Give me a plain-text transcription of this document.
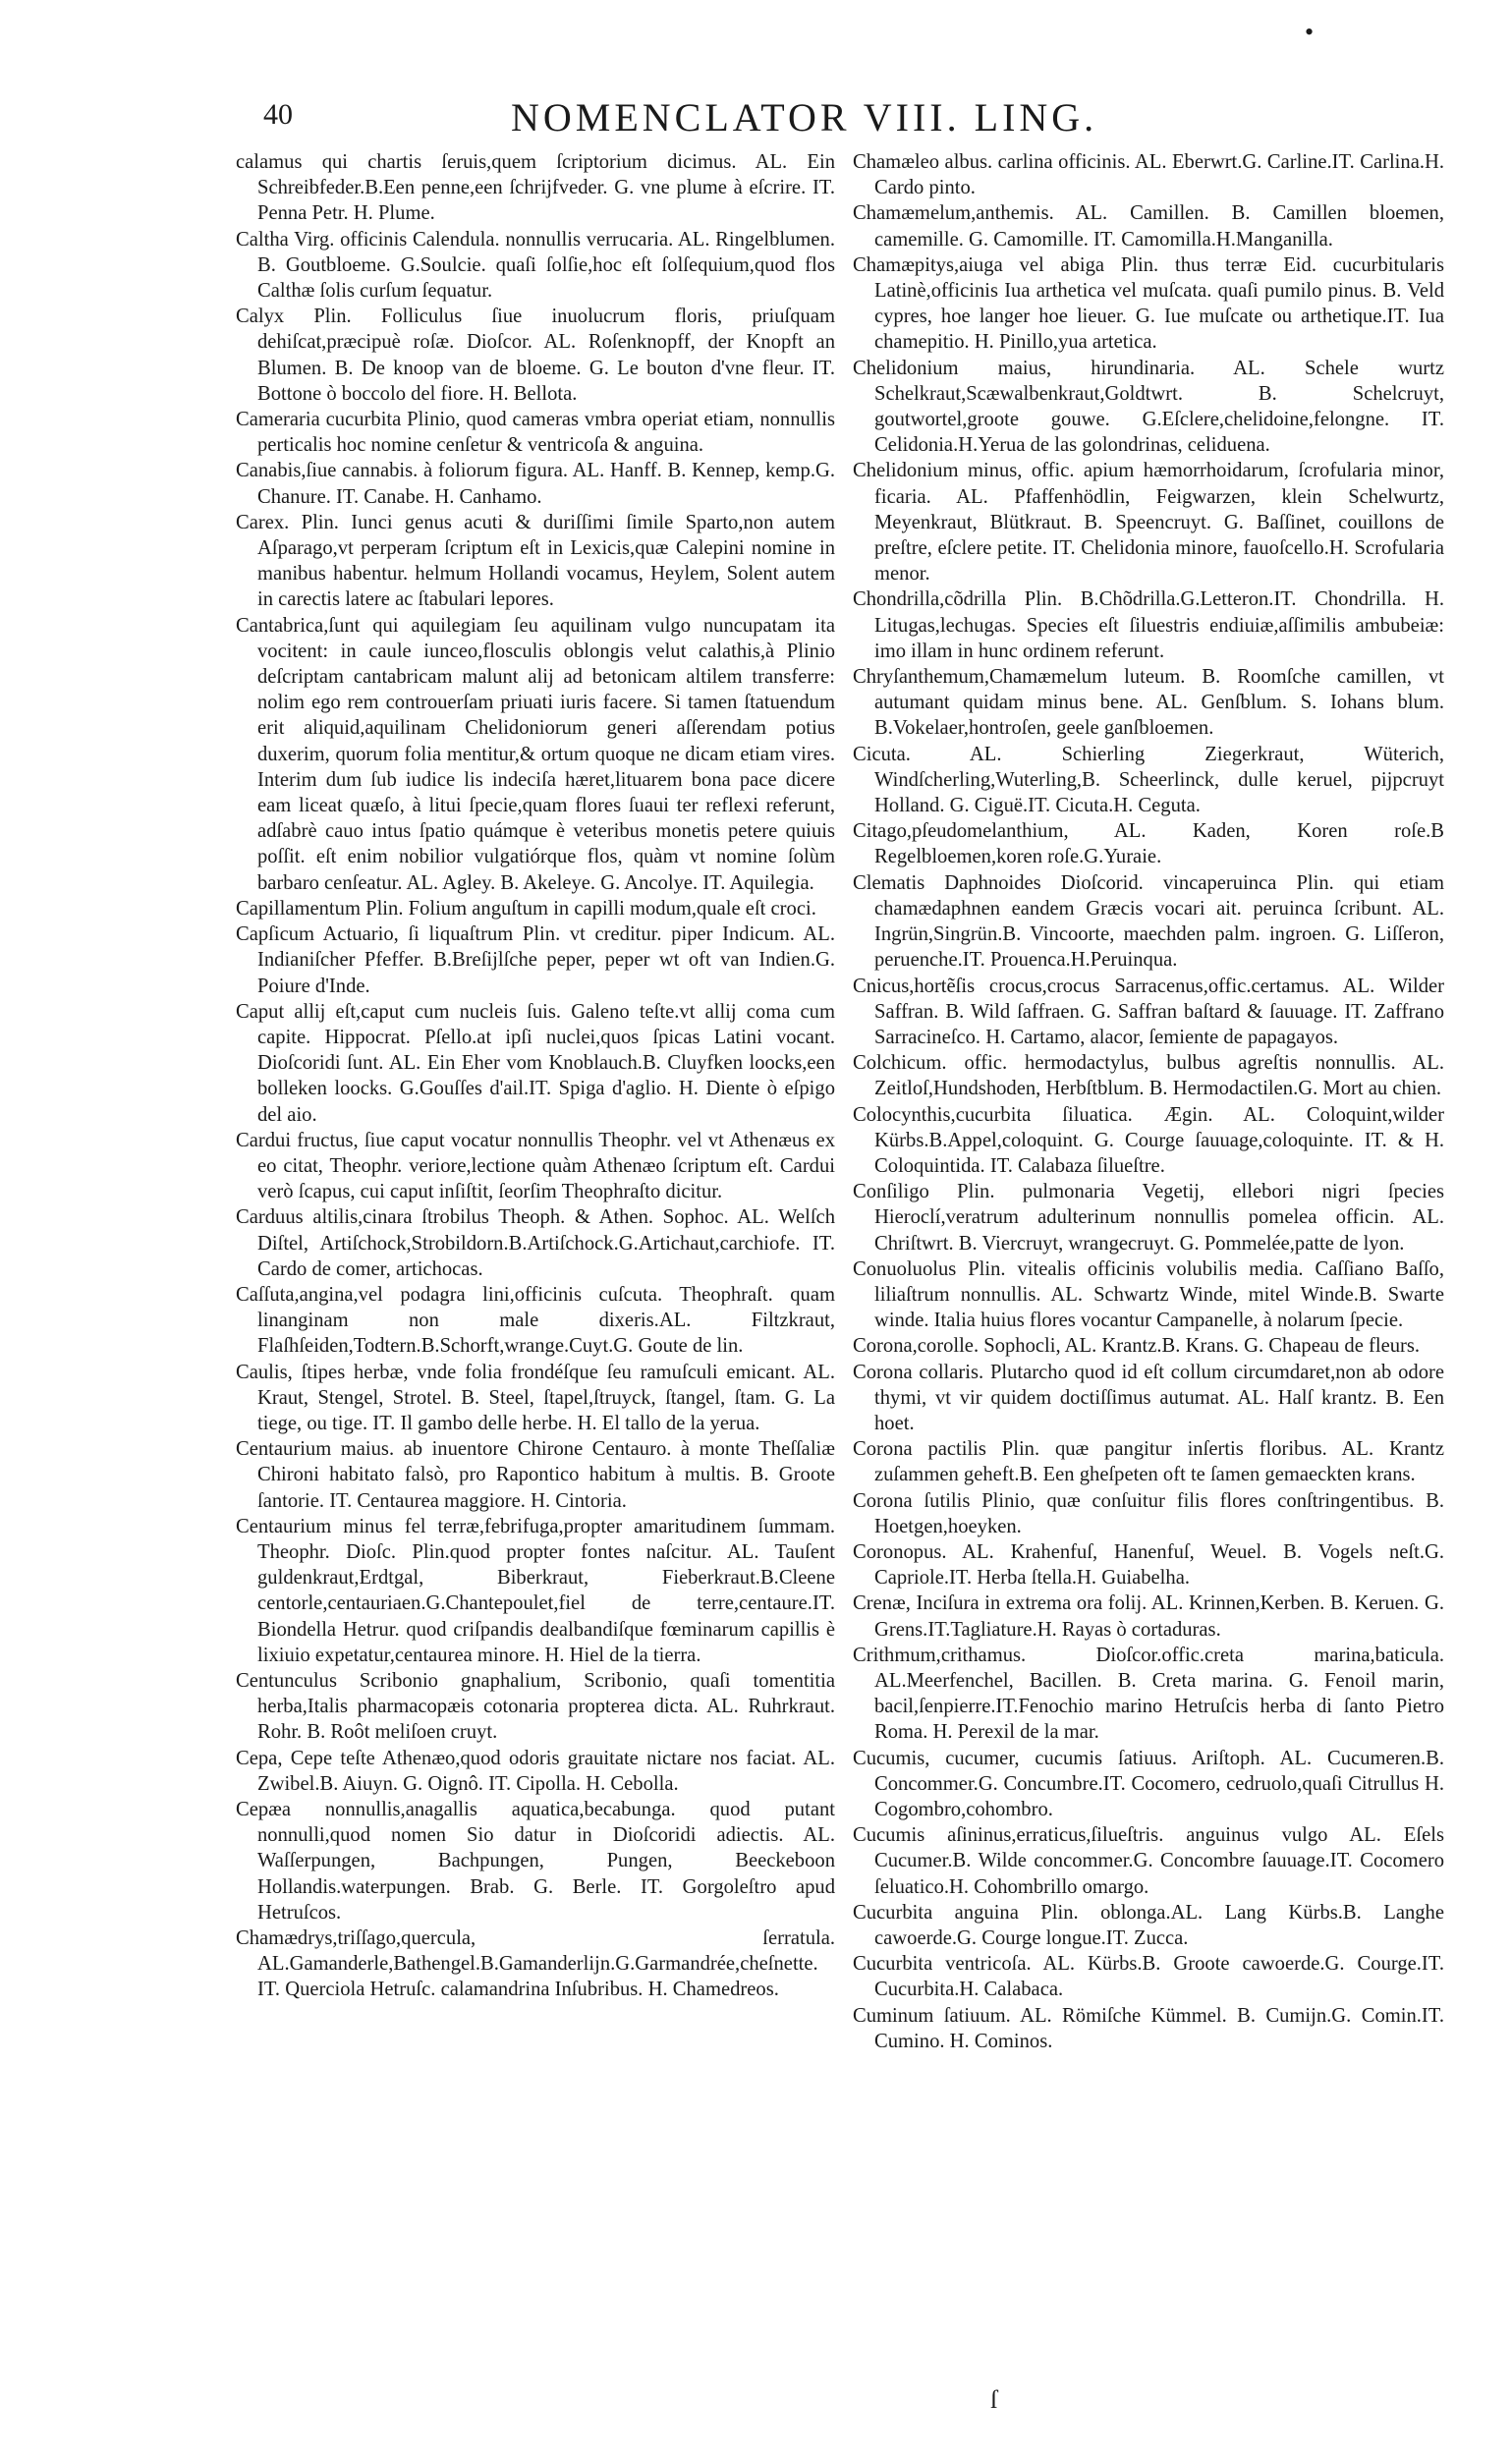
•
40	NOMENCLATOR VIII. LING.

calamus qui chartis ſeruis,quem ſcriptorium dicimus. AL. Ein Schreibfeder.B.Een penne,een ſchrijfveder. G. vne plume à eſcrire. IT. Penna Petr. H. Plume.

Caltha Virg. officinis Calendula. nonnullis verrucaria. AL. Ringelblumen. B. Goutbloeme. G.Soulcie. quaſi ſolſie,hoc eſt ſolſequium,quod flos Calthæ ſolis curſum ſequatur.

Calyx Plin. Folliculus ſiue inuolucrum floris, priuſquam dehiſcat,præcipuè roſæ. Dioſcor. AL. Roſenknopff, der Knopft an Blumen. B. De knoop van de bloeme. G. Le bouton d'vne fleur. IT. Bottone ò boccolo del fiore. H. Bellota.

Cameraria cucurbita Plinio, quod cameras vmbra operiat etiam, nonnullis perticalis hoc nomine cenſetur & ventricoſa & anguina.

Canabis,ſiue cannabis. à foliorum figura. AL. Hanff. B. Kennep, kemp.G. Chanure. IT. Canabe. H. Canhamo.

Carex. Plin. Iunci genus acuti & duriſſimi ſimile Sparto,non autem Aſparago,vt perperam ſcriptum eſt in Lexicis,quæ Calepini nomine in manibus habentur. helmum Hollandi vocamus, Heylem, Solent autem in carectis latere ac ſtabulari lepores.

Cantabrica,ſunt qui aquilegiam ſeu aquilinam vulgo nuncupatam ita vocitent: in caule iunceo,flosculis oblongis velut calathis,à Plinio deſcriptam cantabricam malunt alij ad betonicam altilem transferre: nolim ego rem controuerſam priuati iuris facere. Si tamen ſtatuendum erit aliquid,aquilinam Chelidoniorum generi aſſerendam potius duxerim, quorum folia mentitur,& ortum quoque ne dicam etiam vires. Interim dum ſub iudice lis indeciſa hæret,lituarem bona pace dicere eam liceat quæſo, à litui ſpecie,quam flores ſuaui ter reflexi referunt, adſabrè cauo intus ſpatio quámque è veteribus monetis petere quiuis poſſit. eſt enim nobilior vulgatiórque flos, quàm vt nomine ſolùm barbaro cenſeatur. AL. Agley. B. Akeleye. G. Ancolye. IT. Aquilegia.

Capillamentum Plin. Folium anguſtum in capilli modum,quale eſt croci.

Capſicum Actuario, ſi liquaſtrum Plin. vt creditur. piper Indicum. AL. Indianiſcher Pfeffer. B.Breſijlſche peper, peper wt oft van Indien.G. Poiure d'Inde.

Caput allij eſt,caput cum nucleis ſuis. Galeno teſte.vt allij coma cum capite. Hippocrat. Pſello.at ipſi nuclei,quos ſpicas Latini vocant. Dioſcoridi ſunt. AL. Ein Eher vom Knoblauch.B. Cluyfken loocks,een bolleken loocks. G.Gouſſes d'ail.IT. Spiga d'aglio. H. Diente ò eſpigo del aio.

Cardui fructus, ſiue caput vocatur nonnullis Theophr. vel vt Athenæus ex eo citat, Theophr. veriore,lectione quàm Athenæo ſcriptum eſt. Cardui verò ſcapus, cui caput inſiſtit, ſeorſim Theophraſto dicitur.

Carduus altilis,cinara ſtrobilus Theoph. & Athen. Sophoc. AL. Welſch Diſtel, Artiſchock,Strobildorn.B.Artiſchock.G.Artichaut,carchiofe. IT. Cardo de comer, artichocas.

Caſſuta,angina,vel podagra lini,officinis cuſcuta. Theophraſt. quam linanginam non male dixeris.AL. Filtzkraut, Flaſhſeiden,Todtern.B.Schorft,wrange.Cuyt.G. Goute de lin.

Caulis, ſtipes herbæ, vnde folia frondéſque ſeu ramuſculi emicant. AL. Kraut, Stengel, Strotel. B. Steel, ſtapel,ſtruyck, ſtangel, ſtam. G. La tiege, ou tige. IT. Il gambo delle herbe. H. El tallo de la yerua.

Centaurium maius. ab inuentore Chirone Centauro. à monte Theſſaliæ Chironi habitato falsò, pro Rapontico habitum à multis. B. Groote ſantorie. IT. Centaurea maggiore. H. Cintoria.

Centaurium minus fel terræ,febrifuga,propter amaritudinem ſummam. Theophr. Dioſc. Plin.quod propter fontes naſcitur. AL. Tauſent guldenkraut,Erdtgal, Biberkraut, Fieberkraut.B.Cleene centorle,centauriaen.G.Chantepoulet,fiel de terre,centaure.IT. Biondella Hetrur. quod criſpandis dealbandiſque fœminarum capillis è lixiuio expetatur,centaurea minore. H. Hiel de la tierra.

Centunculus Scribonio gnaphalium, Scribonio, quaſi tomentitia herba,Italis pharmacopæis cotonaria propterea dicta. AL. Ruhrkraut. Rohr. B. Roôt meliſoen cruyt.

Cepa, Cepe teſte Athenæo,quod odoris grauitate nictare nos faciat. AL. Zwibel.B. Aiuyn. G. Oignô. IT. Cipolla. H. Cebolla.

Cepæa nonnullis,anagallis aquatica,becabunga. quod putant nonnulli,quod nomen Sio datur in Dioſcoridi adiectis. AL. Waſſerpungen, Bachpungen, Pungen, Beeckeboon Hollandis.waterpungen. Brab. G. Berle. IT. Gorgoleſtro apud Hetruſcos.

Chamædrys,triſſago,quercula, ſerratula. AL.Gamanderle,Bathengel.B.Gamanderlijn.G.Garmandrée,cheſnette. IT. Querciola Hetruſc. calamandrina Inſubribus. H. Chamedreos.

Chamæleo albus. carlina officinis. AL. Eberwrt.G. Carline.IT. Carlina.H. Cardo pinto.

Chamæmelum,anthemis. AL. Camillen. B. Camillen bloemen, camemille. G. Camomille. IT. Camomilla.H.Manganilla.

Chamæpitys,aiuga vel abiga Plin. thus terræ Eid. cucurbitularis Latinè,officinis Iua arthetica vel muſcata. quaſi pumilo pinus. B. Veld cypres, hoe langer hoe lieuer. G. Iue muſcate ou arthetique.IT. Iua chamepitio. H. Pinillo,yua artetica.

Chelidonium maius, hirundinaria. AL. Schele wurtz Schelkraut,Scæwalbenkraut,Goldtwrt. B. Schelcruyt, goutwortel,groote gouwe. G.Eſclere,chelidoine,felongne. IT. Celidonia.H.Yerua de las golondrinas, celiduena.

Chelidonium minus, offic. apium hæmorrhoidarum, ſcrofularia minor, ficaria. AL. Pfaffenhödlin, Feigwarzen, klein Schelwurtz, Meyenkraut, Blütkraut. B. Speencruyt. G. Baſſinet, couillons de preſtre, eſclere petite. IT. Chelidonia minore, fauoſcello.H. Scrofularia menor.

Chondrilla,cõdrilla Plin. B.Chõdrilla.G.Letteron.IT. Chondrilla. H. Litugas,lechugas. Species eſt ſiluestris endiuiæ,aſſimilis ambubeiæ: imo illam in hunc ordinem referunt.

Chryſanthemum,Chamæmelum luteum. B. Roomſche camillen, vt autumant quidam minus bene. AL. Genſblum. S. Iohans blum. B.Vokelaer,hontroſen, geele ganſbloemen.

Cicuta. AL. Schierling Ziegerkraut, Wüterich, Windſcherling,Wuterling,B. Scheerlinck, dulle keruel, pijpcruyt Holland. G. Ciguë.IT. Cicuta.H. Ceguta.

Citago,pſeudomelanthium, AL. Kaden, Koren roſe.B Regelbloemen,koren roſe.G.Yuraie.

Clematis Daphnoides Dioſcorid. vincaperuinca Plin. qui etiam chamædaphnen eandem Græcis vocari ait. peruinca ſcribunt. AL. Ingrün,Singrün.B. Vincoorte, maechden palm. ingroen. G. Liſſeron, peruenche.IT. Prouenca.H.Peruinqua.

Cnicus,hortẽſis crocus,crocus Sarracenus,offic.certamus. AL. Wilder Saffran. B. Wild ſaffraen. G. Saffran baſtard & ſauuage. IT. Zaffrano Sarracineſco. H. Cartamo, alacor, ſemiente de papagayos.

Colchicum. offic. hermodactylus, bulbus agreſtis nonnullis. AL. Zeitloſ,Hundshoden, Herbſtblum. B. Hermodactilen.G. Mort au chien.

Colocynthis,cucurbita ſiluatica. Ægin. AL. Coloquint,wilder Kürbs.B.Appel,coloquint. G. Courge ſauuage,coloquinte. IT. & H. Coloquintida. IT. Calabaza ſilueſtre.

Conſiligo Plin. pulmonaria Vegetij, ellebori nigri ſpecies Hieroclí,veratrum adulterinum nonnullis pomelea officin. AL. Chriſtwrt. B. Viercruyt, wrangecruyt. G. Pommelée,patte de lyon.

Conuoluolus Plin. vitealis officinis volubilis media. Caſſiano Baſſo, liliaſtrum nonnullis. AL. Schwartz Winde, mitel Winde.B. Swarte winde. Italia huius flores vocantur Campanelle, à nolarum ſpecie.

Corona,corolle. Sophocli, AL. Krantz.B. Krans. G. Chapeau de fleurs.

Corona collaris. Plutarcho quod id eſt collum circumdaret,non ab odore thymi, vt vir quidem doctiſſimus autumat. AL. Halſ krantz. B. Een hoet.

Corona pactilis Plin. quæ pangitur inſertis floribus. AL. Krantz zuſammen geheft.B. Een gheſpeten oft te ſamen gemaeckten krans.

Corona ſutilis Plinio, quæ conſuitur filis flores conſtringentibus. B. Hoetgen,hoeyken.

Coronopus. AL. Krahenfuſ, Hanenfuſ, Weuel. B. Vogels neſt.G. Capriole.IT. Herba ſtella.H. Guiabelha.

Crenæ, Inciſura in extrema ora folij. AL. Krinnen,Kerben. B. Keruen. G. Grens.IT.Tagliature.H. Rayas ò cortaduras.

Crithmum,crithamus. Dioſcor.offic.creta marina,baticula. AL.Meerfenchel, Bacillen. B. Creta marina. G. Fenoil marin, bacil,ſenpierre.IT.Fenochio marino Hetruſcis herba di ſanto Pietro Roma. H. Perexil de la mar.

Cucumis, cucumer, cucumis ſatiuus. Ariſtoph. AL. Cucumeren.B. Concommer.G. Concumbre.IT. Cocomero, cedruolo,quaſi Citrullus H. Cogombro,cohombro.

Cucumis aſininus,erraticus,ſilueſtris. anguinus vulgo AL. Eſels Cucumer.B. Wilde concommer.G. Concombre ſauuage.IT. Cocomero ſeluatico.H. Cohombrillo omargo.

Cucurbita anguina Plin. oblonga.AL. Lang Kürbs.B. Langhe cawoerde.G. Courge longue.IT. Zucca.

Cucurbita ventricoſa. AL. Kürbs.B. Groote cawoerde.G. Courge.IT. Cucurbita.H. Calabaca.

Cuminum ſatiuum. AL. Römiſche Kümmel. B. Cumijn.G. Comin.IT. Cumino. H. Cominos.

ſ
